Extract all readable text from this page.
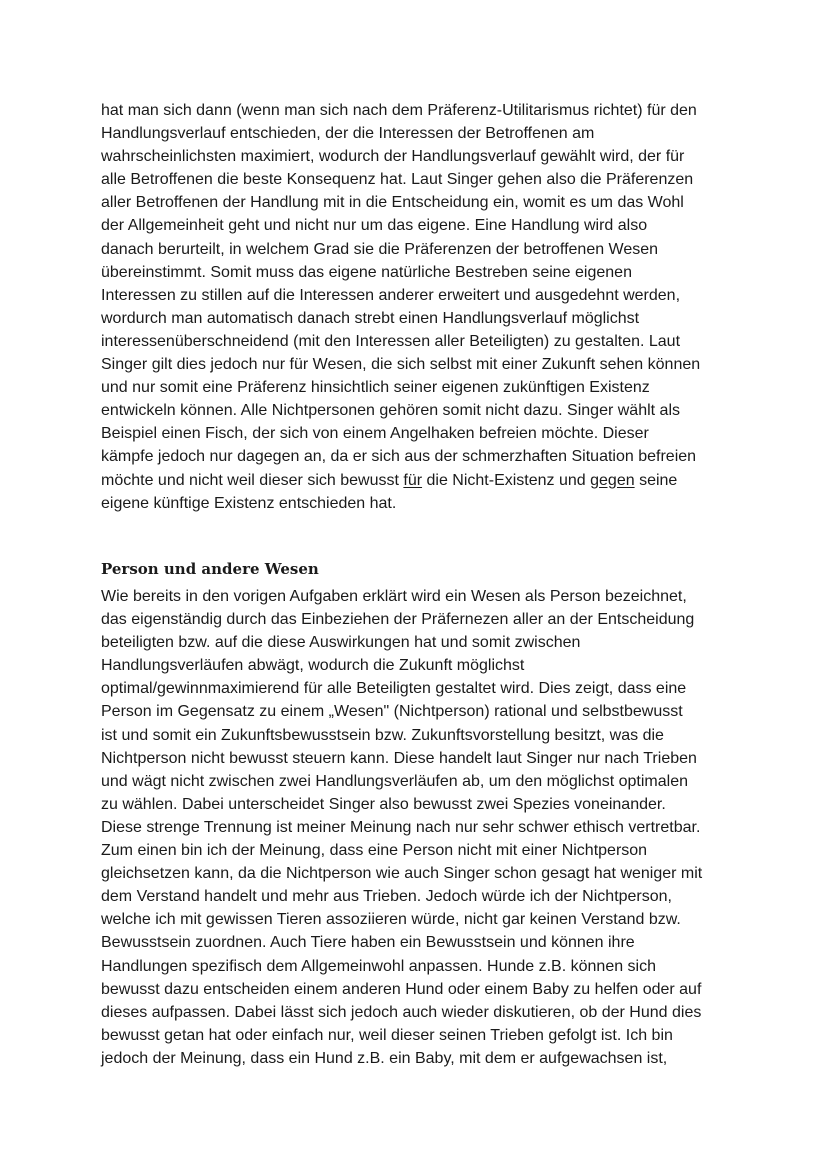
hat man sich dann (wenn man sich nach dem Präferenz-Utilitarismus richtet) für den
Handlungsverlauf entschieden, der die Interessen der Betroffenen am
wahrscheinlichsten maximiert, wodurch der Handlungsverlauf gewählt wird, der für
alle Betroffenen die beste Konsequenz hat. Laut Singer gehen also die Präferenzen
aller Betroffenen der Handlung mit in die Entscheidung ein, womit es um das Wohl
der Allgemeinheit geht und nicht nur um das eigene. Eine Handlung wird also
danach berurteilt, in welchem Grad sie die Präferenzen der betroffenen Wesen
übereinstimmt. Somit muss das eigene natürliche Bestreben seine eigenen
Interessen zu stillen auf die Interessen anderer erweitert und ausgedehnt werden,
wordurch man automatisch danach strebt einen Handlungsverlauf möglichst
interessenüberschneidend (mit den Interessen aller Beteiligten) zu gestalten. Laut
Singer gilt dies jedoch nur für Wesen, die sich selbst mit einer Zukunft sehen können
und nur somit eine Präferenz hinsichtlich seiner eigenen zukünftigen Existenz
entwickeln können. Alle Nichtpersonen gehören somit nicht dazu. Singer wählt als
Beispiel einen Fisch, der sich von einem Angelhaken befreien möchte. Dieser
kämpfe jedoch nur dagegen an, da er sich aus der schmerzhaften Situation befreien
möchte und nicht weil dieser sich bewusst für die Nicht-Existenz und gegen seine
eigene künftige Existenz entschieden hat.
Person und andere Wesen
Wie bereits in den vorigen Aufgaben erklärt wird ein Wesen als Person bezeichnet,
das eigenständig durch das Einbeziehen der Präfernezen aller an der Entscheidung
beteiligten bzw. auf die diese Auswirkungen hat und somit zwischen
Handlungsverläufen abwägt, wodurch die Zukunft möglichst
optimal/gewinnmaximierend für alle Beteiligten gestaltet wird. Dies zeigt, dass eine
Person im Gegensatz zu einem „Wesen" (Nichtperson) rational und selbstbewusst
ist und somit ein Zukunftsbewusstsein bzw. Zukunftsvorstellung besitzt, was die
Nichtperson nicht bewusst steuern kann. Diese handelt laut Singer nur nach Trieben
und wägt nicht zwischen zwei Handlungsverläufen ab, um den möglichst optimalen
zu wählen. Dabei unterscheidet Singer also bewusst zwei Spezies voneinander.
Diese strenge Trennung ist meiner Meinung nach nur sehr schwer ethisch vertretbar.
Zum einen bin ich der Meinung, dass eine Person nicht mit einer Nichtperson
gleichsetzen kann, da die Nichtperson wie auch Singer schon gesagt hat weniger mit
dem Verstand handelt und mehr aus Trieben. Jedoch würde ich der Nichtperson,
welche ich mit gewissen Tieren assoziieren würde, nicht gar keinen Verstand bzw.
Bewusstsein zuordnen. Auch Tiere haben ein Bewusstsein und können ihre
Handlungen spezifisch dem Allgemeinwohl anpassen. Hunde z.B. können sich
bewusst dazu entscheiden einem anderen Hund oder einem Baby zu helfen oder auf
dieses aufpassen. Dabei lässt sich jedoch auch wieder diskutieren, ob der Hund dies
bewusst getan hat oder einfach nur, weil dieser seinen Trieben gefolgt ist. Ich bin
jedoch der Meinung, dass ein Hund z.B. ein Baby, mit dem er aufgewachsen ist,
